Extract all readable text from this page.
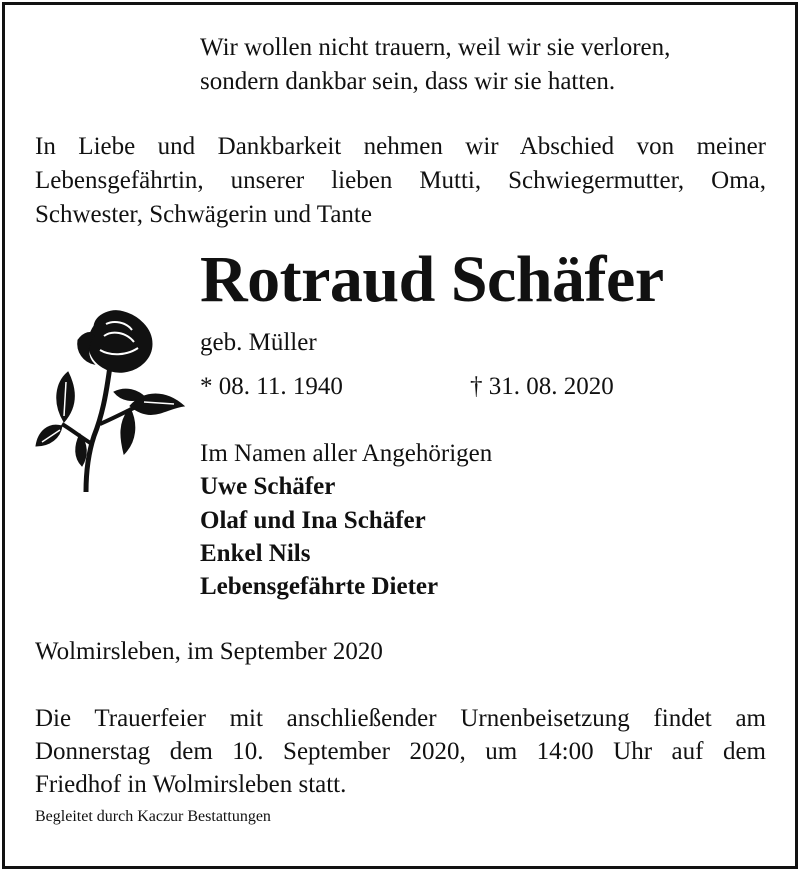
Wir wollen nicht trauern, weil wir sie verloren,

sondern dankbar sein, dass wir sie hatten.

In Liebe und Dankbarkeit nehmen wir Abschied von meiner
Lebensgefährtin, unserer lieben Mutti, Schwiegermutter, Oma,
Schwester, Schwägerin und Tante

Rotraud Schäfer

geb. Müller

* 08. 11. 1940	† 31. 08. 2020

Im Namen aller Angehörigen

Uwe Schäfer

Olaf und Ina Schäfer

Enkel Nils

Lebensgefährte Dieter

Wolmirsleben, im September 2020

Die Trauerfeier mit anschließender Urnenbeisetzung findet am
Donnerstag dem 10. September 2020, um 14:00 Uhr auf dem
Friedhof in Wolmirsleben statt.

Begleitet durch Kaczur Bestattungen
